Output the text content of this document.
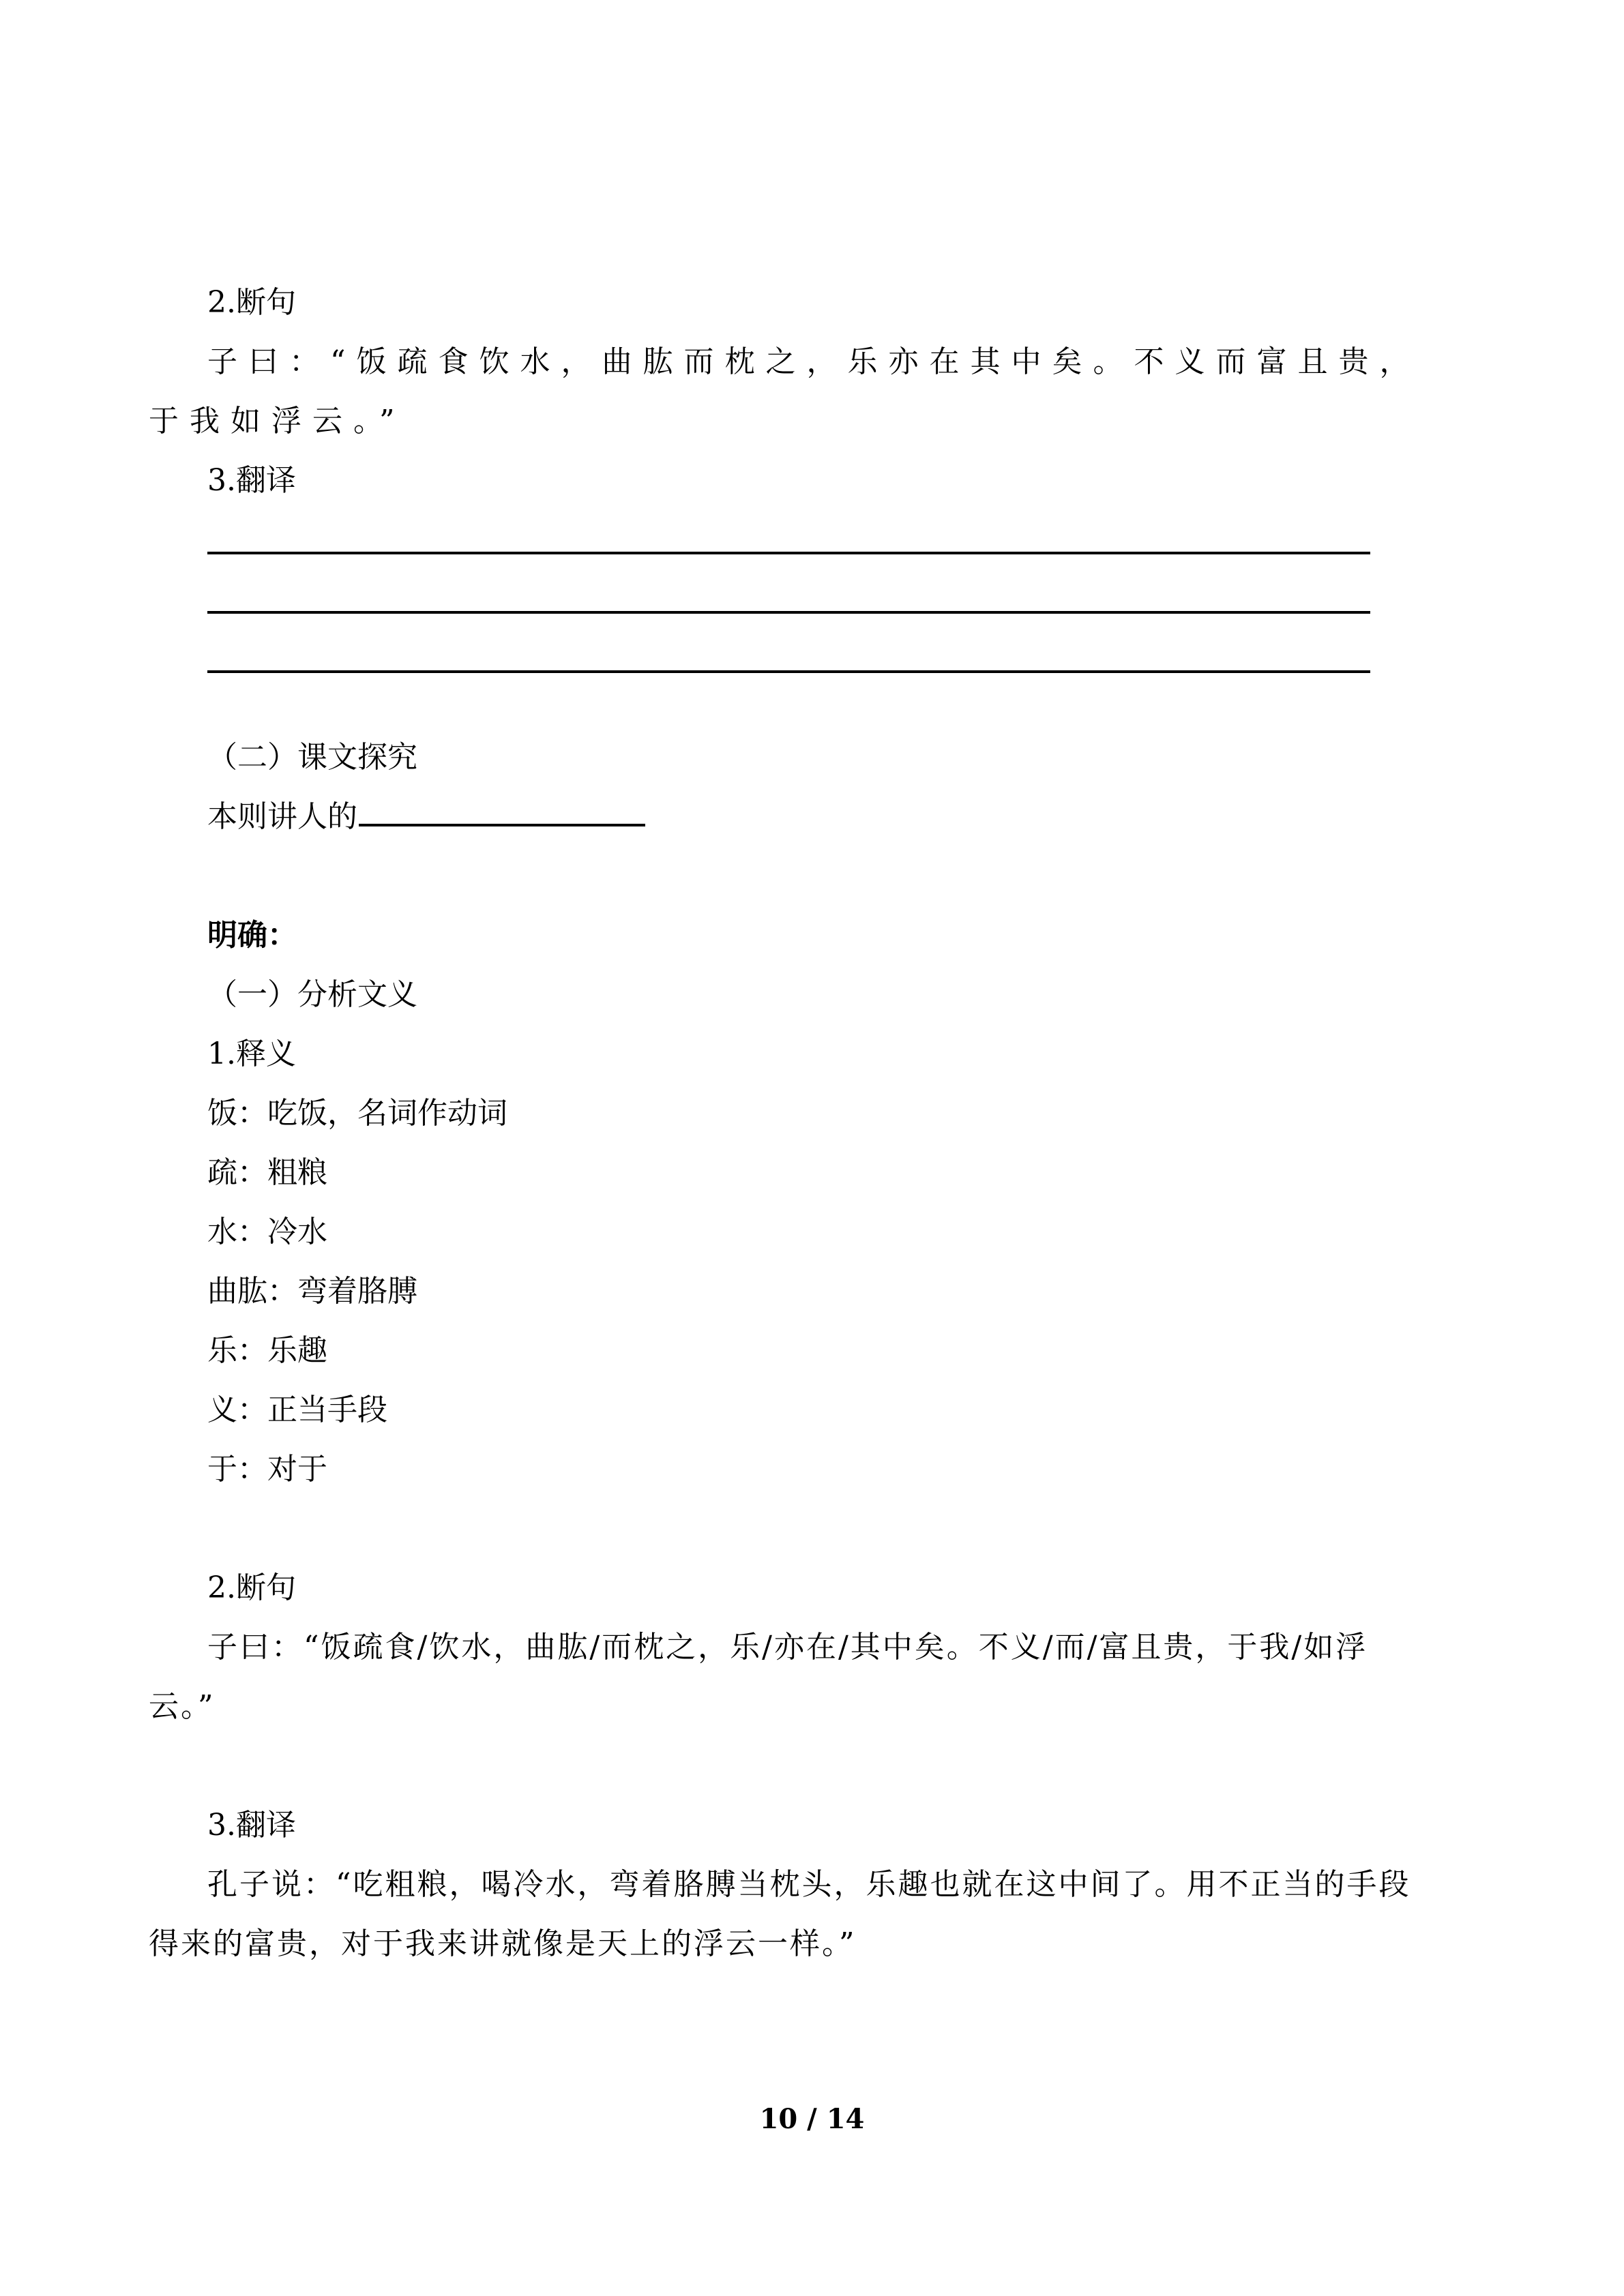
2.断句
子曰：“饭疏食饮水，曲肱而枕之，乐亦在其中矣。不义而富且贵，
于我如浮云。”
3.翻译
（二）课文探究
本则讲人的
明确：
（一）分析文义
1.释义
饭：吃饭，名词作动词
疏：粗粮
水：冷水
曲肱：弯着胳膊
乐：乐趣
义：正当手段
于：对于
2.断句
子曰：“饭疏食/饮水，曲肱/而枕之，乐/亦在/其中矣。不义/而/富且贵，于我/如浮
云。”
3.翻译
孔子说：“吃粗粮，喝冷水，弯着胳膊当枕头，乐趣也就在这中间了。用不正当的手段
得来的富贵，对于我来讲就像是天上的浮云一样。”
10 / 14
